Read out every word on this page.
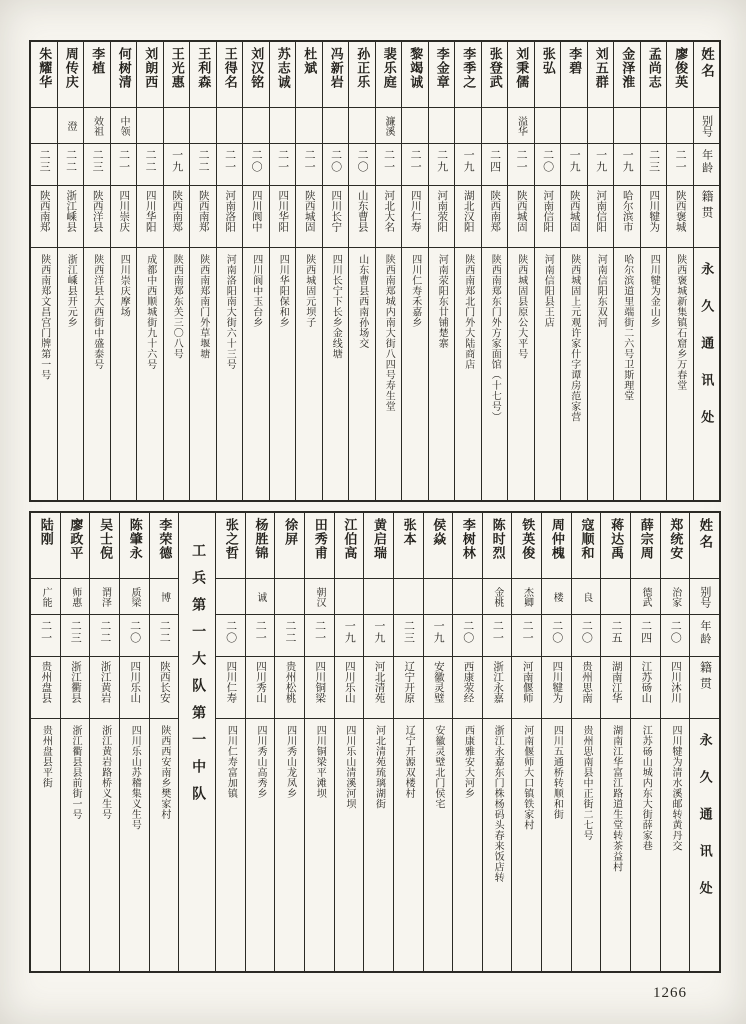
朱耀华
二三
陕西南郑
陕西南郑文昌宫门牌第一号
周传庆
澄
二二
浙江嵊县
浙江嵊县开元乡
李植
效祖
二三
陕西洋县
陕西洋县大西街中盛泰号
何树清
中领
二一
四川崇庆
四川崇庆摩场
刘朗西
二二
四川华阳
成都中西顺城街九十六号
王光惠
一九
陕西南郑
陕西南郑东关三〇八号
王利森
二二
陕西南郑
陕西南郑南门外草堰塘
王得名
二一
河南洛阳
河南洛阳南大街六十三号
刘汉铭
二〇
四川阆中
四川阆中玉台乡
苏志诚
二一
四川华阳
四川华阳保和乡
杜斌
二一
陕西城固
陕西城固元坝子
冯新岩
二〇
四川长宁
四川长宁下长乡金线塘
孙正乐
二〇
山东曹县
山东曹县西南孙场交
裴乐庭
濂溪
二一
河北大名
陕西南郑城内南大街八四号寿生堂
黎竭诚
二一
四川仁寿
四川仁寿禾嘉乡
李金章
二九
河南荥阳
河南荥阳东廿铺楚寨
李季之
一九
湖北汉阳
陕西南郑北门外大陆商店
张登武
二四
陕西南郑
陕西南郑东门外方家面馆（十七号）
刘秉儒
溢华
二一
陕西城固
陕西城固县原公大平号
张弘
二〇
河南信阳
河南信阳县王店
李碧
一九
陕西城固
陕西城固上元观许家什字谭房范家营
刘五群
一九
河南信阳
河南信阳东双河
金泽淮
一九
哈尔滨市
哈尔滨道里端街二六号卫斯理堂
孟尚志
二三
四川犍为
四川犍为金山乡
廖俊英
二一
陕西褒城
陕西褒城新集镇石窟乡万春堂
姓名
别号
年龄
籍贯
永久通讯处
陆刚
广能
二一
贵州盘县
贵州盘县平街
廖政平
师惠
二三
浙江衢县
浙江衢县县前街一号
吴士倪
谓泽
二二
浙江黄岩
浙江黄岩路桥义生号
陈肇永
质梁
二〇
四川乐山
四川乐山苏稽集义生号
李荣德
博
二二
陕西长安
陕西西安南乡樊家村 工兵第一大队第一中队
张之哲
二〇
四川仁寿
四川仁寿富加镇
杨胜锦
诚
二一
四川秀山
四川秀山高秀乡
徐屏
二二
贵州松桃
四川秀山龙凤乡
田秀甫
朝汉
二一
四川铜梁
四川铜梁平滩坝
江伯高
一九
四川乐山
四川乐山清溪河坝
黄启瑞
一九
河北清苑
河北清苑琉璃湖街
张本
二三
辽宁开原
辽宁开源双楼村
侯焱
一九
安徽灵璧
安徽灵璧北门侯宅
李树林
二〇
西康荥经
西康雅安大河乡
陈时烈
金桃
二一
浙江永嘉
浙江永嘉东门株杨码头春来饭店转
铁英俊
杰卿
二一
河南偃师
河南偃师大口镇铁家村
周仲槐
楼
二〇
四川犍为
四川五通桥转顺和街
寇顺和
良
二〇
贵州思南
贵州思南县中正街二七号
蒋达禹
二五
湖南江华
湖南江华富江路道生堂转茶益村
薛宗周
德武
二四
江苏砀山
江苏砀山城内东大街薛家巷
郑统安
治家
二〇
四川沐川
四川犍为清水溪邮转黄丹交
姓名
别号
年龄
籍贯
永久通讯处
1266
